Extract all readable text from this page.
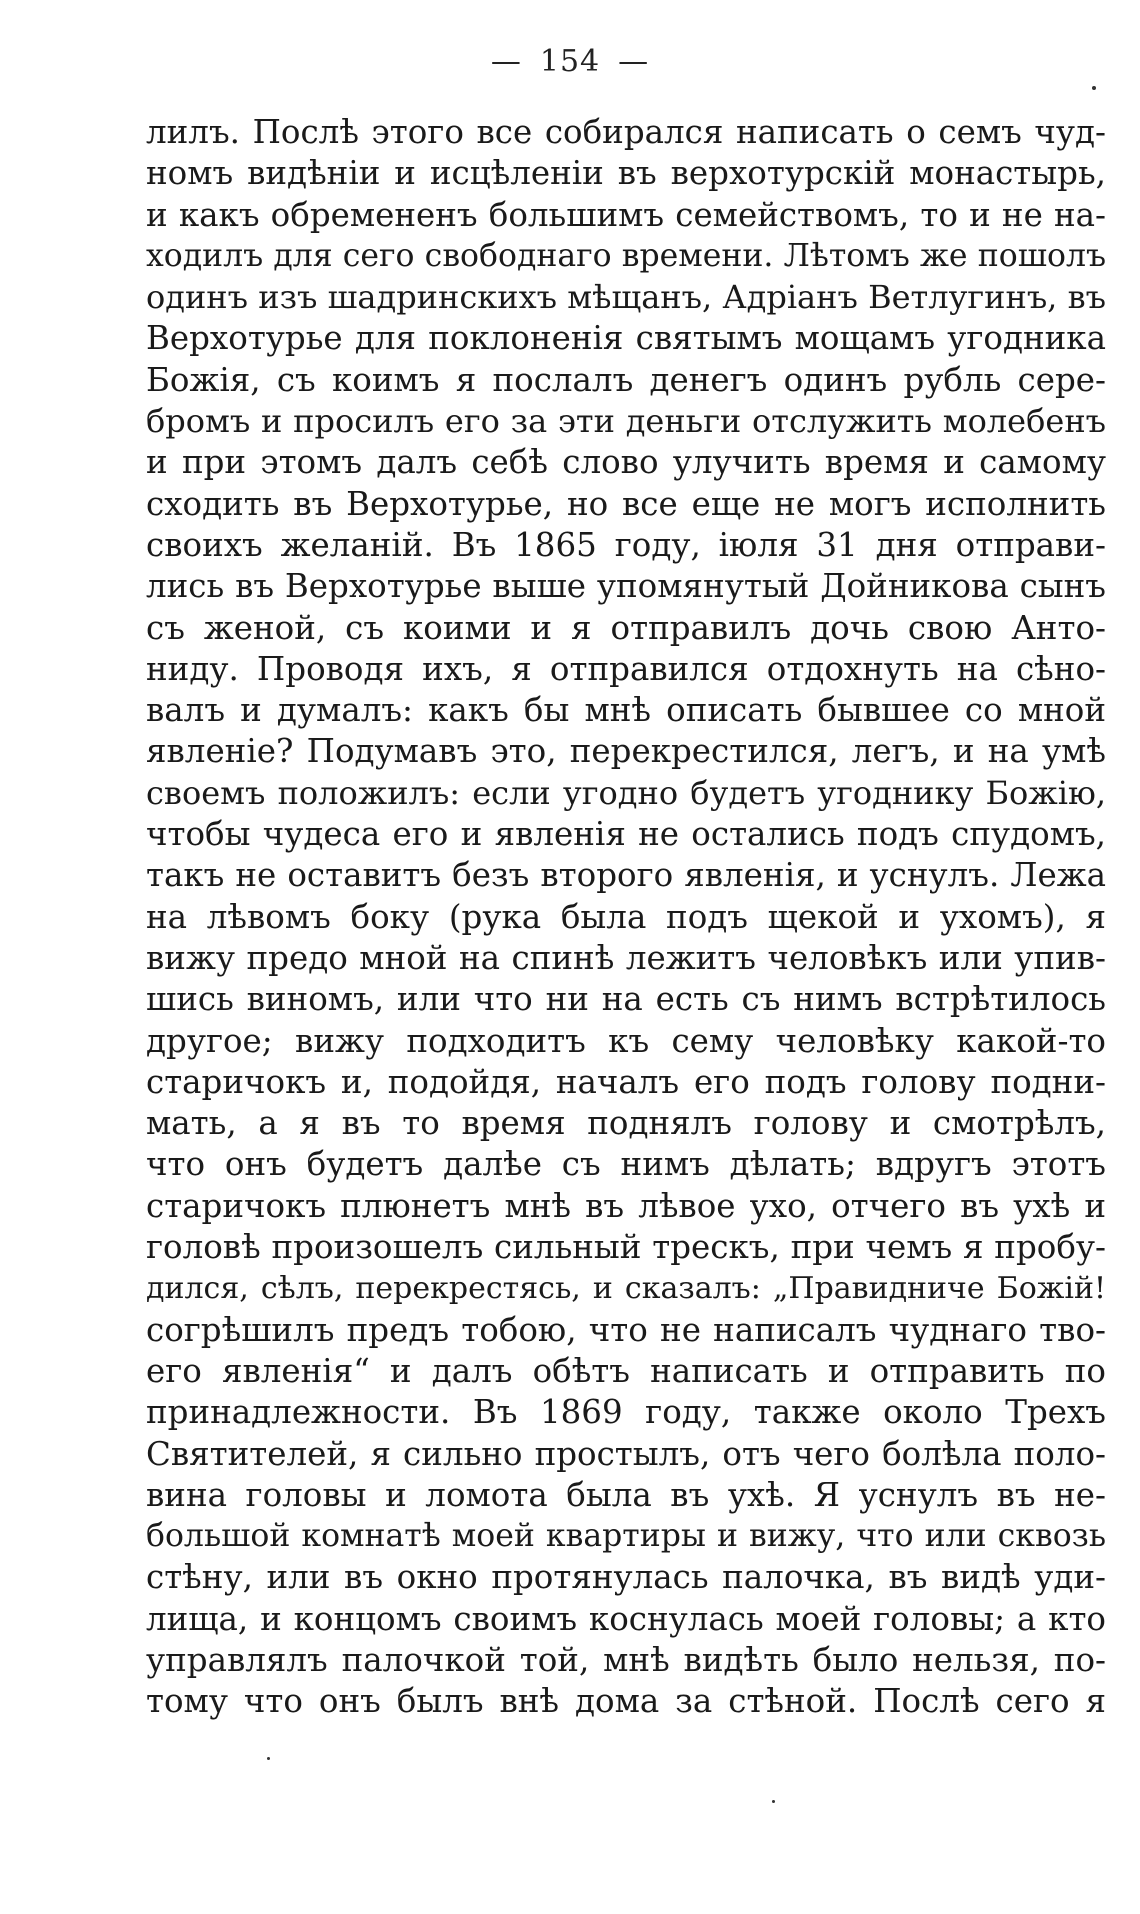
— 154 —
лилъ. Послѣ этого все собирался написать о семъ чуд-
номъ видѣніи и исцѣленіи въ верхотурскій монастырь,
и какъ обремененъ большимъ семействомъ, то и не на-
ходилъ для сего свободнаго времени. Лѣтомъ же пошолъ
одинъ изъ шадринскихъ мѣщанъ, Адріанъ Ветлугинъ, въ
Верхотурье для поклоненія святымъ мощамъ угодника
Божія, съ коимъ я послалъ денегъ одинъ рубль сере-
бромъ и просилъ его за эти деньги отслужить молебенъ
и при этомъ далъ себѣ слово улучить время и самому
сходить въ Верхотурье, но все еще не могъ исполнить
своихъ желаній. Въ 1865 году, іюля 31 дня отправи-
лись въ Верхотурье выше упомянутый Дойникова сынъ
съ женой, съ коими и я отправилъ дочь свою Анто-
ниду. Проводя ихъ, я отправился отдохнуть на сѣно-
валъ и думалъ: какъ бы мнѣ описать бывшее со мной
явленіе? Подумавъ это, перекрестился, легъ, и на умѣ
своемъ положилъ: если угодно будетъ угоднику Божію,
чтобы чудеса его и явленія не остались подъ спудомъ,
такъ не оставитъ безъ второго явленія, и уснулъ. Лежа
на лѣвомъ боку (рука была подъ щекой и ухомъ), я
вижу предо мной на спинѣ лежитъ человѣкъ или упив-
шись виномъ, или что ни на есть съ нимъ встрѣтилось
другое; вижу подходитъ къ сему человѣку какой-то
старичокъ и, подойдя, началъ его подъ голову подни-
мать, а я въ то время поднялъ голову и смотрѣлъ,
что онъ будетъ далѣе съ нимъ дѣлать; вдругъ этотъ
старичокъ плюнетъ мнѣ въ лѣвое ухо, отчего въ ухѣ и
головѣ произошелъ сильный трескъ, при чемъ я пробу-
дился, сѣлъ, перекрестясь, и сказалъ: „Правидниче Божій!
согрѣшилъ предъ тобою, что не написалъ чуднаго тво-
его явленія“ и далъ обѣтъ написать и отправить по
принадлежности. Въ 1869 году, также около Трехъ
Святителей, я сильно простылъ, отъ чего болѣла поло-
вина головы и ломота была въ ухѣ. Я уснулъ въ не-
большой комнатѣ моей квартиры и вижу, что или сквозь
стѣну, или въ окно протянулась палочка, въ видѣ уди-
лища, и концомъ своимъ коснулась моей головы; а кто
управлялъ палочкой той, мнѣ видѣть было нельзя, по-
тому что онъ былъ внѣ дома за стѣной. Послѣ сего я
